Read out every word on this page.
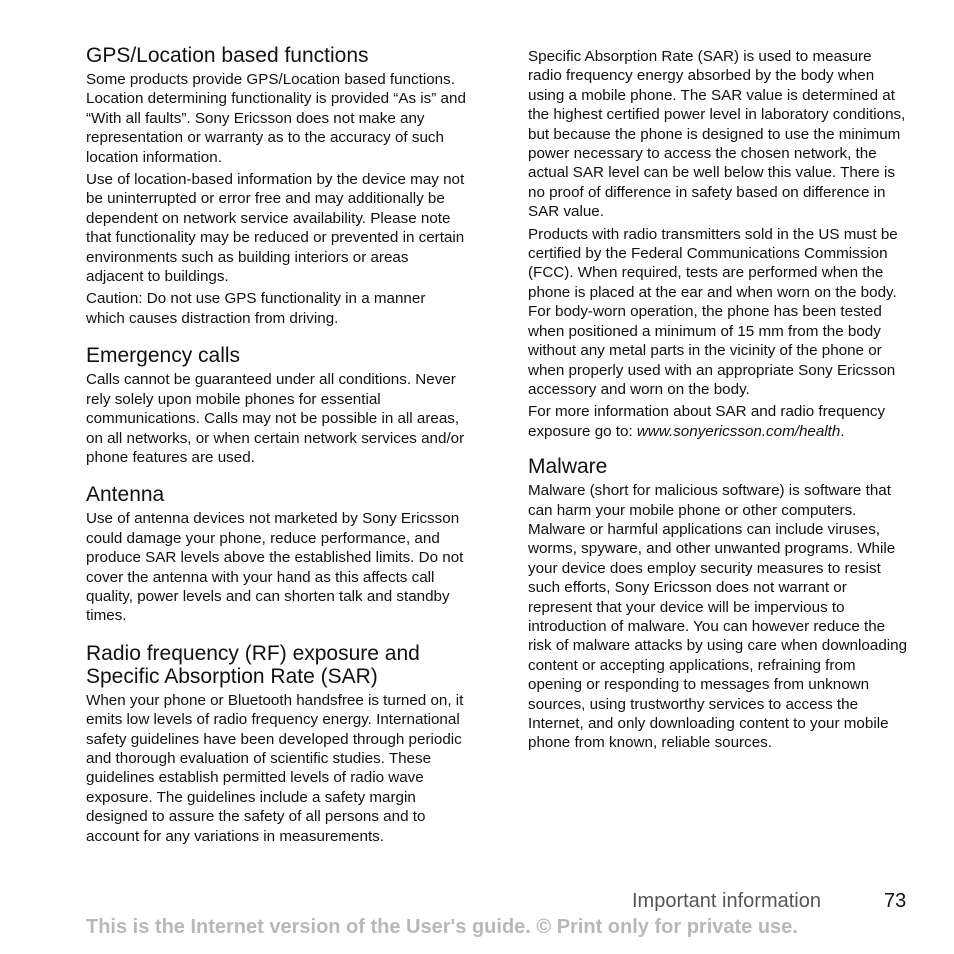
GPS/Location based functions

Some products provide GPS/Location based functions. Location determining functionality is provided “As is” and “With all faults”. Sony Ericsson does not make any representation or warranty as to the accuracy of such location information.

Use of location-based information by the device may not be uninterrupted or error free and may additionally be dependent on network service availability. Please note that functionality may be reduced or prevented in certain environments such as building interiors or areas adjacent to buildings.

Caution: Do not use GPS functionality in a manner which causes distraction from driving.

Emergency calls

Calls cannot be guaranteed under all conditions. Never rely solely upon mobile phones for essential communications. Calls may not be possible in all areas, on all networks, or when certain network services and/or phone features are used.

Antenna

Use of antenna devices not marketed by Sony Ericsson could damage your phone, reduce performance, and produce SAR levels above the established limits. Do not cover the antenna with your hand as this affects call quality, power levels and can shorten talk and standby times.

Radio frequency (RF) exposure and Specific Absorption Rate (SAR)

When your phone or Bluetooth handsfree is turned on, it emits low levels of radio frequency energy. International safety guidelines have been developed through periodic and thorough evaluation of scientific studies. These guidelines establish permitted levels of radio wave exposure. The guidelines include a safety margin designed to assure the safety of all persons and to account for any variations in measurements.

Specific Absorption Rate (SAR) is used to measure radio frequency energy absorbed by the body when using a mobile phone. The SAR value is determined at the highest certified power level in laboratory conditions, but because the phone is designed to use the minimum power necessary to access the chosen network, the actual SAR level can be well below this value. There is no proof of difference in safety based on difference in SAR value.

Products with radio transmitters sold in the US must be certified by the Federal Communications Commission (FCC). When required, tests are performed when the phone is placed at the ear and when worn on the body. For body-worn operation, the phone has been tested when positioned a minimum of 15 mm from the body without any metal parts in the vicinity of the phone or when properly used with an appropriate Sony Ericsson accessory and worn on the body.

For more information about SAR and radio frequency exposure go to: www.sonyericsson.com/health.

Malware

Malware (short for malicious software) is software that can harm your mobile phone or other computers. Malware or harmful applications can include viruses, worms, spyware, and other unwanted programs. While your device does employ security measures to resist such efforts, Sony Ericsson does not warrant or represent that your device will be impervious to introduction of malware. You can however reduce the risk of malware attacks by using care when downloading content or accepting applications, refraining from opening or responding to messages from unknown sources, using trustworthy services to access the Internet, and only downloading content to your mobile phone from known, reliable sources.

Important information	73
This is the Internet version of the User's guide. © Print only for private use.
